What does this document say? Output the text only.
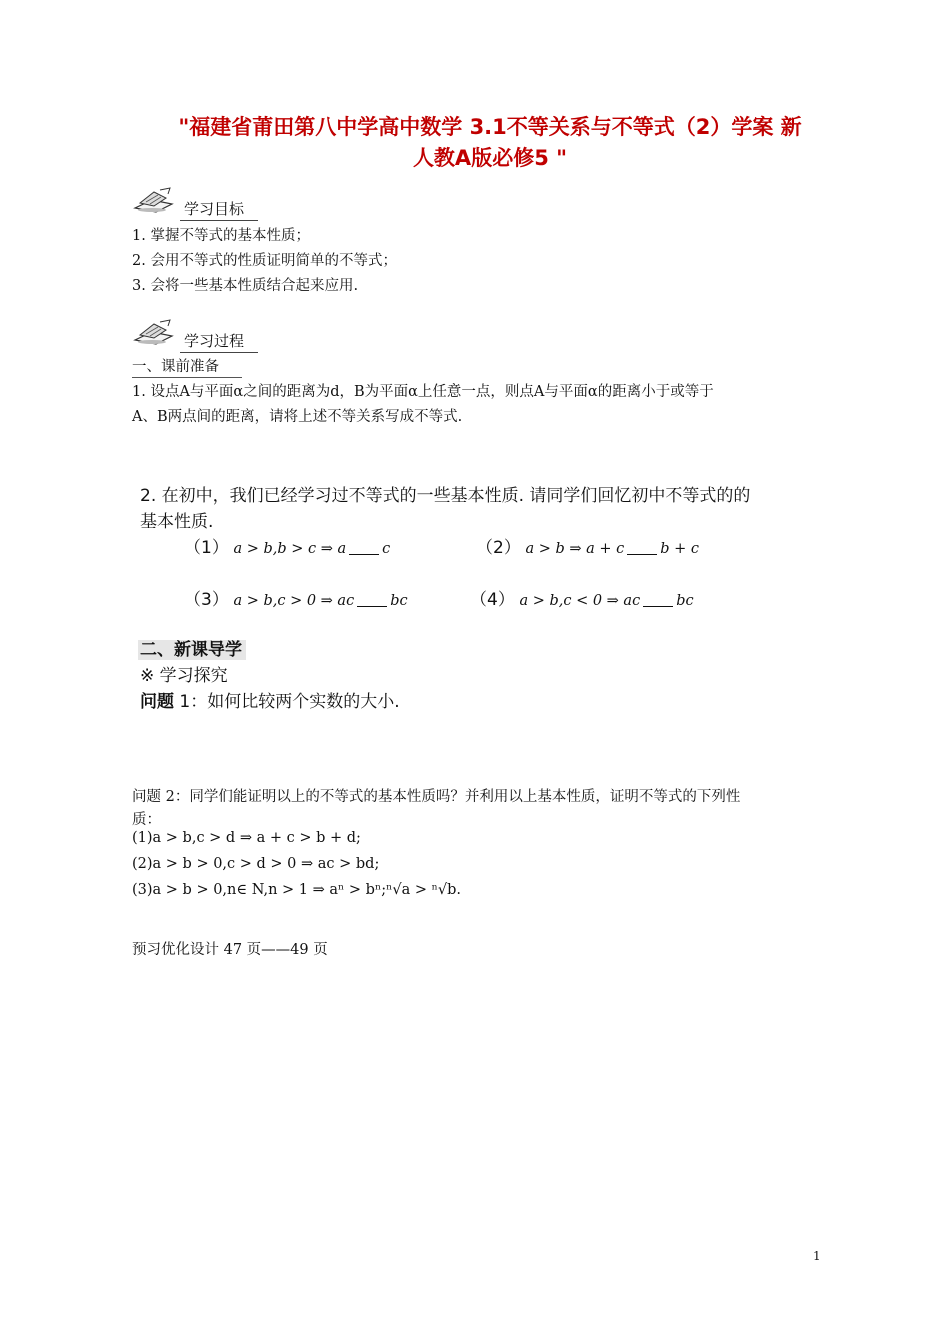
"福建省莆田第八中学高中数学 3.1不等关系与不等式（2）学案 新
人教A版必修5 "
学习目标
1. 掌握不等式的基本性质；
2. 会用不等式的性质证明简单的不等式；
3. 会将一些基本性质结合起来应用.
学习过程
一、课前准备
1. 设点A与平面α之间的距离为d，B为平面α上任意一点，则点A与平面α的距离小于或等于
A、B两点间的距离，请将上述不等关系写成不等式.
2. 在初中，我们已经学习过不等式的一些基本性质. 请同学们回忆初中不等式的的
基本性质.
（1） a > b,b > c ⇒ a c	（2） a > b ⇒ a + c b + c
（3） a > b,c > 0 ⇒ ac bc	（4） a > b,c < 0 ⇒ ac bc
二、新课导学
※ 学习探究
问题 1：如何比较两个实数的大小.
问题 2：同学们能证明以上的不等式的基本性质吗？并利用以上基本性质，证明不等式的下列性
质：
(1)a > b,c > d ⇒ a + c > b + d;
(2)a > b > 0,c > d > 0 ⇒ ac > bd;
(3)a > b > 0,n∈ N,n > 1 ⇒ aⁿ > bⁿ;ⁿ√a > ⁿ√b.
预习优化设计 47 页——49 页
1
